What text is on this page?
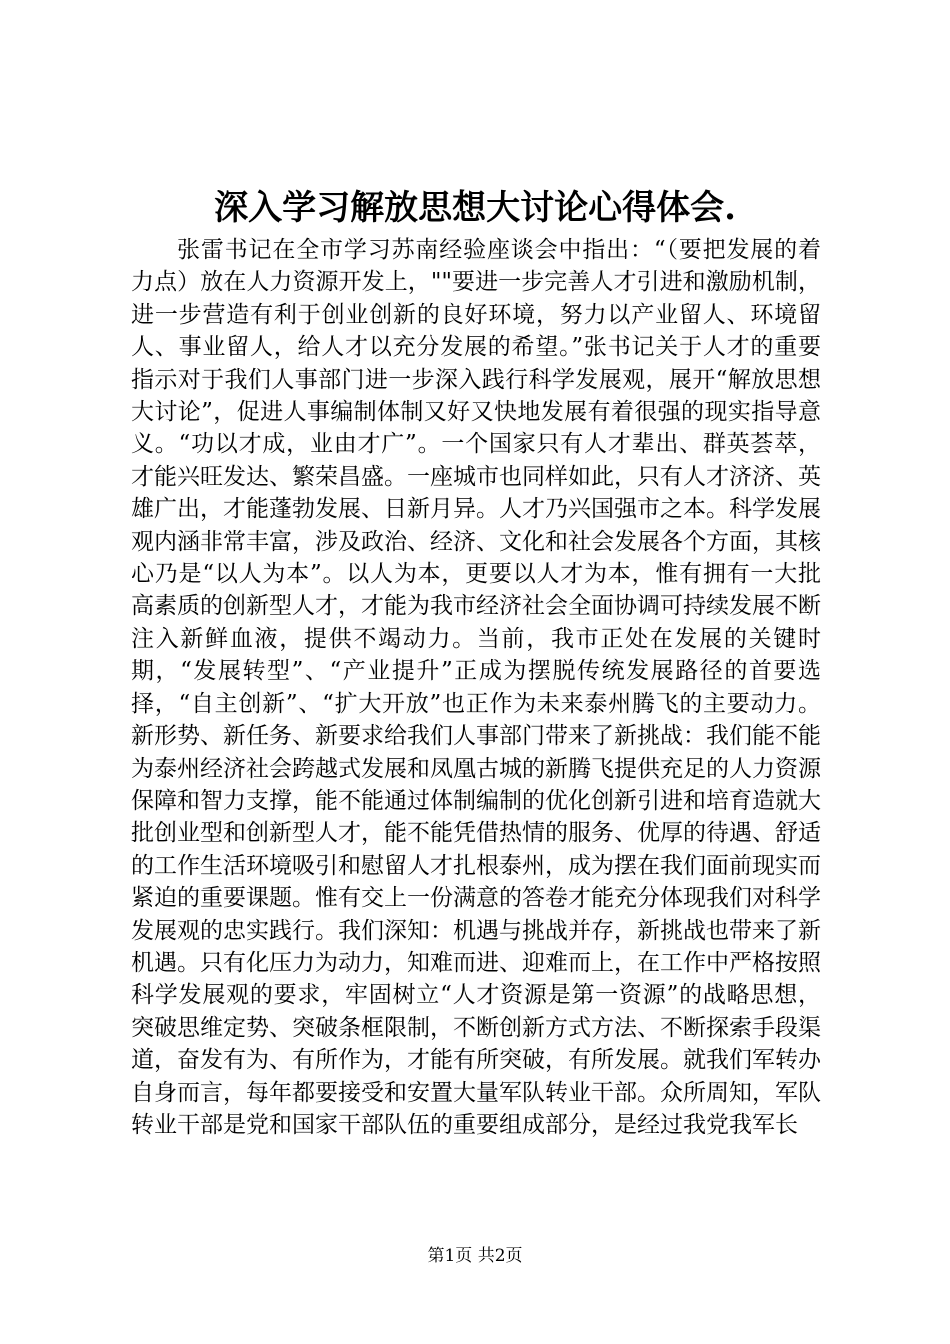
深入学习解放思想大讨论心得体会.

张雷书记在全市学习苏南经验座谈会中指出：“（要把发展的着力点）放在人力资源开发上，""要进一步完善人才引进和激励机制，进一步营造有利于创业创新的良好环境，努力以产业留人、环境留人、事业留人，给人才以充分发展的希望。”张书记关于人才的重要指示对于我们人事部门进一步深入践行科学发展观，展开“解放思想大讨论”，促进人事编制体制又好又快地发展有着很强的现实指导意义。“功以才成，业由才广”。一个国家只有人才辈出、群英荟萃，才能兴旺发达、繁荣昌盛。一座城市也同样如此，只有人才济济、英雄广出，才能蓬勃发展、日新月异。人才乃兴国强市之本。科学发展观内涵非常丰富，涉及政治、经济、文化和社会发展各个方面，其核心乃是“以人为本”。以人为本，更要以人才为本，惟有拥有一大批高素质的创新型人才，才能为我市经济社会全面协调可持续发展不断注入新鲜血液，提供不竭动力。当前，我市正处在发展的关键时期，“发展转型”、“产业提升”正成为摆脱传统发展路径的首要选择，“自主创新”、“扩大开放”也正作为未来泰州腾飞的主要动力。新形势、新任务、新要求给我们人事部门带来了新挑战：我们能不能为泰州经济社会跨越式发展和凤凰古城的新腾飞提供充足的人力资源保障和智力支撑，能不能通过体制编制的优化创新引进和培育造就大批创业型和创新型人才，能不能凭借热情的服务、优厚的待遇、舒适的工作生活环境吸引和慰留人才扎根泰州，成为摆在我们面前现实而紧迫的重要课题。惟有交上一份满意的答卷才能充分体现我们对科学发展观的忠实践行。我们深知：机遇与挑战并存，新挑战也带来了新机遇。只有化压力为动力，知难而进、迎难而上，在工作中严格按照科学发展观的要求，牢固树立“人才资源是第一资源”的战略思想，突破思维定势、突破条框限制，不断创新方式方法、不断探索手段渠道，奋发有为、有所作为，才能有所突破，有所发展。就我们军转办自身而言，每年都要接受和安置大量军队转业干部。众所周知，军队转业干部是党和国家干部队伍的重要组成部分，是经过我党我军长

第1页 共2页
